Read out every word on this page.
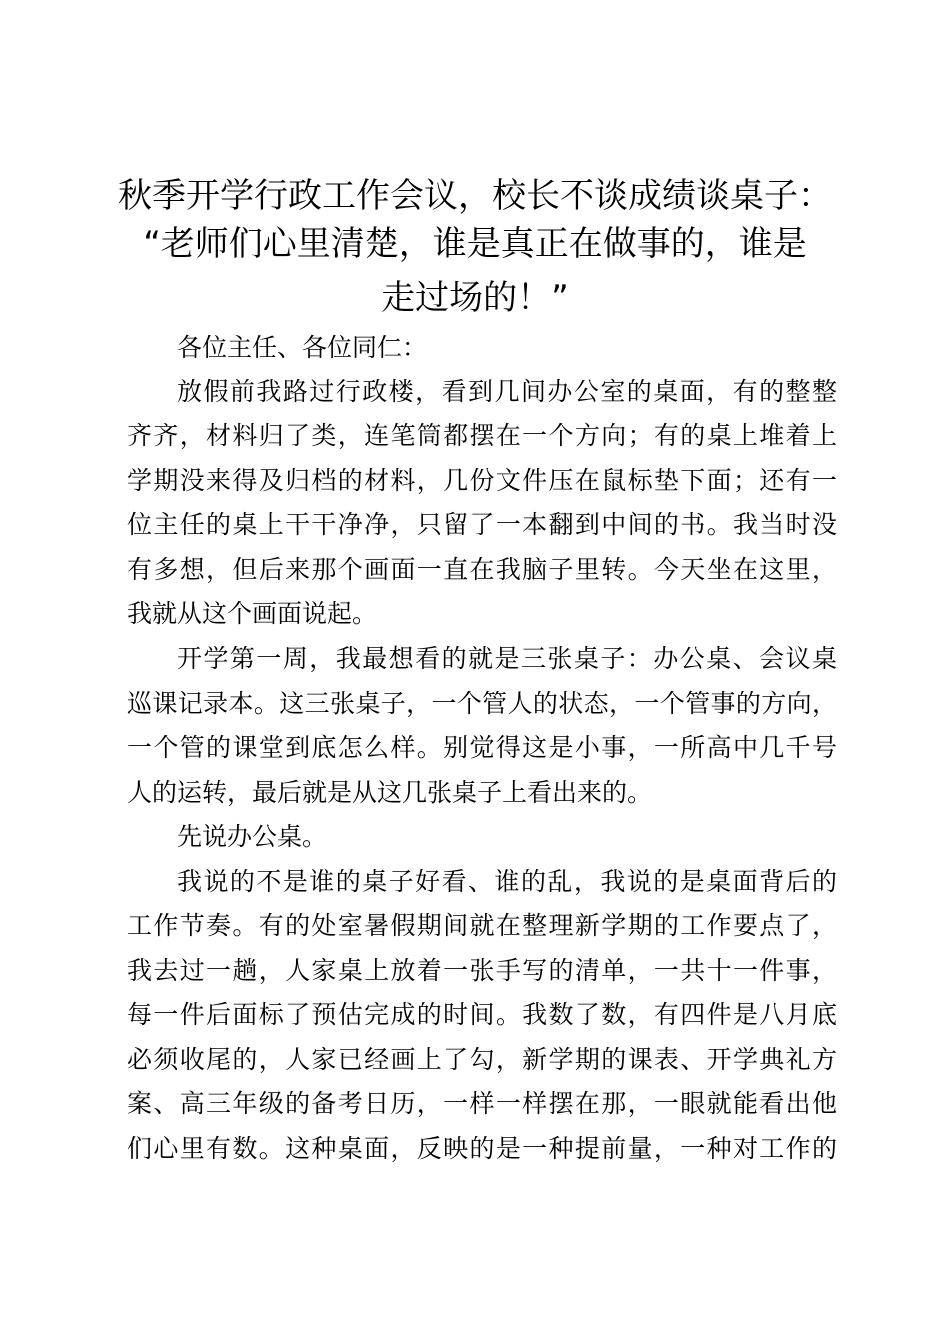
秋季开学行政工作会议，校长不谈成绩谈桌子：
“老师们心里清楚，谁是真正在做事的，谁是
走过场的！”
各位主任、各位同仁：
放假前我路过行政楼，看到几间办公室的桌面，有的整整
齐齐，材料归了类，连笔筒都摆在一个方向；有的桌上堆着上
学期没来得及归档的材料，几份文件压在鼠标垫下面；还有一
位主任的桌上干干净净，只留了一本翻到中间的书。我当时没
有多想，但后来那个画面一直在我脑子里转。今天坐在这里，
我就从这个画面说起。
开学第一周，我最想看的就是三张桌子：办公桌、会议桌
巡课记录本。这三张桌子，一个管人的状态，一个管事的方向，
一个管的课堂到底怎么样。别觉得这是小事，一所高中几千号
人的运转，最后就是从这几张桌子上看出来的。
先说办公桌。
我说的不是谁的桌子好看、谁的乱，我说的是桌面背后的
工作节奏。有的处室暑假期间就在整理新学期的工作要点了，
我去过一趟，人家桌上放着一张手写的清单，一共十一件事，
每一件后面标了预估完成的时间。我数了数，有四件是八月底
必须收尾的，人家已经画上了勾，新学期的课表、开学典礼方
案、高三年级的备考日历，一样一样摆在那，一眼就能看出他
们心里有数。这种桌面，反映的是一种提前量，一种对工作的
